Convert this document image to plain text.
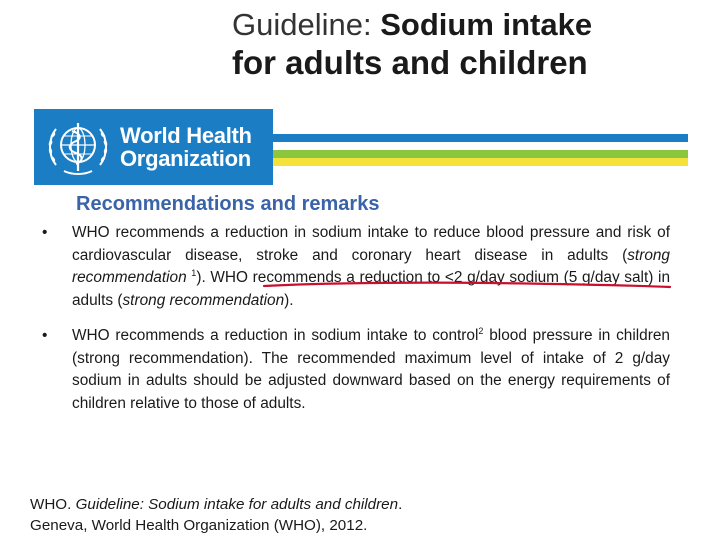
Guideline: Sodium intake
for adults and children
World Health
Organization
Recommendations and remarks
• WHO recommends a reduction in sodium intake to reduce blood pressure and risk of cardiovascular disease, stroke and coronary heart disease in adults (strong recommendation $^1$). WHO recommends a reduction to <2 g/day sodium (5 g/day salt) in adults (strong recommendation).
• WHO recommends a reduction in sodium intake to control$^2$ blood pressure in children (strong recommendation). The recommended maximum level of intake of 2 g/day sodium in adults should be adjusted downward based on the energy requirements of children relative to those of adults.
WHO. Guideline: Sodium intake for adults and children.
Geneva, World Health Organization (WHO), 2012.
